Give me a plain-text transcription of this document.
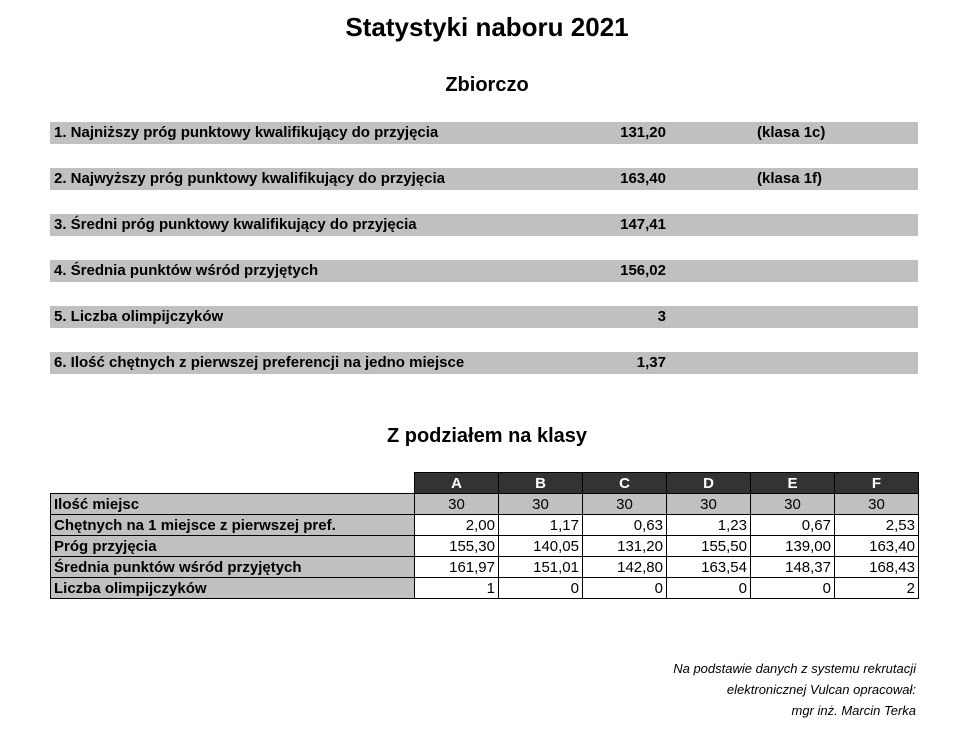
Statystyki naboru 2021
Zbiorczo
1. Najniższy próg punktowy kwalifikujący do przyjęcia	131,20	(klasa 1c)
2. Najwyższy próg punktowy kwalifikujący do przyjęcia	163,40	(klasa 1f)
3. Średni próg punktowy kwalifikujący do przyjęcia	147,41
4. Średnia punktów wśród przyjętych	156,02
5. Liczba olimpijczyków	3
6. Ilość chętnych z pierwszej preferencji na jedno miejsce	1,37
Z podziałem na klasy
	A	B	C	D	E	F
Ilość miejsc	30	30	30	30	30	30
Chętnych na 1 miejsce z pierwszej pref.	2,00	1,17	0,63	1,23	0,67	2,53
Próg przyjęcia	155,30	140,05	131,20	155,50	139,00	163,40
Średnia punktów wśród przyjętych	161,97	151,01	142,80	163,54	148,37	168,43
Liczba olimpijczyków	1	0	0	0	0	2
Na podstawie danych z systemu rekrutacji
elektronicznej Vulcan opracował:
mgr inż. Marcin Terka
